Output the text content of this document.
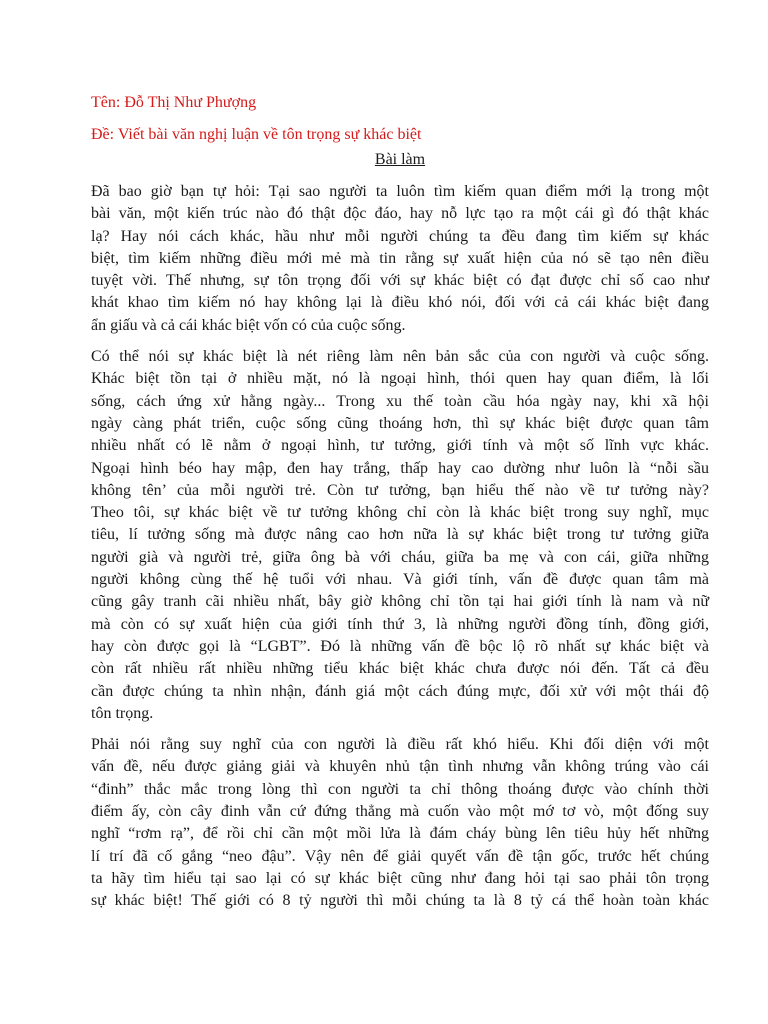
Tên: Đỗ Thị Như Phượng

Đề: Viết bài văn nghị luận về tôn trọng sự khác biệt

Bài làm

Đã bao giờ bạn tự hỏi: Tại sao người ta luôn tìm kiếm quan điểm mới lạ trong một
bài văn, một kiến trúc nào đó thật độc đáo, hay nỗ lực tạo ra một cái gì đó thật khác
lạ? Hay nói cách khác, hầu như mỗi người chúng ta đều đang tìm kiếm sự khác
biệt, tìm kiếm những điều mới mẻ mà tin rằng sự xuất hiện của nó sẽ tạo nên điều
tuyệt vời. Thế nhưng, sự tôn trọng đối với sự khác biệt có đạt được chỉ số cao như
khát khao tìm kiếm nó hay không lại là điều khó nói, đối với cả cái khác biệt đang
ẩn giấu và cả cái khác biệt vốn có của cuộc sống.
Có thể nói sự khác biệt là nét riêng làm nên bản sắc của con người và cuộc sống.
Khác biệt tồn tại ở nhiều mặt, nó là ngoại hình, thói quen hay quan điểm, là lối
sống, cách ứng xử hằng ngày... Trong xu thế toàn cầu hóa ngày nay, khi xã hội
ngày càng phát triển, cuộc sống cũng thoáng hơn, thì sự khác biệt được quan tâm
nhiều nhất có lẽ nằm ở ngoại hình, tư tưởng, giới tính và một số lĩnh vực khác.
Ngoại hình béo hay mập, đen hay trắng, thấp hay cao dường như luôn là “nỗi sầu
không tên’ của mỗi người trẻ. Còn tư tưởng, bạn hiểu thế nào về tư tưởng này?
Theo tôi, sự khác biệt về tư tưởng không chỉ còn là khác biệt trong suy nghĩ, mục
tiêu, lí tưởng sống mà được nâng cao hơn nữa là sự khác biệt trong tư tưởng giữa
người già và người trẻ, giữa ông bà với cháu, giữa ba mẹ và con cái, giữa những
người không cùng thế hệ tuổi với nhau. Và giới tính, vấn đề được quan tâm mà
cũng gây tranh cãi nhiều nhất, bây giờ không chỉ tồn tại hai giới tính là nam và nữ
mà còn có sự xuất hiện của giới tính thứ 3, là những người đồng tính, đồng giới,
hay còn được gọi là “LGBT”. Đó là những vấn đề bộc lộ rõ nhất sự khác biệt và
còn rất nhiều rất nhiều những tiểu khác biệt khác chưa được nói đến. Tất cả đều
cần được chúng ta nhìn nhận, đánh giá một cách đúng mực, đối xử với một thái độ
tôn trọng.
Phải nói rằng suy nghĩ của con người là điều rất khó hiểu. Khi đối diện với một
vấn đề, nếu được giảng giải và khuyên nhủ tận tình nhưng vẫn không trúng vào cái
“đinh” thắc mắc trong lòng thì con người ta chỉ thông thoáng được vào chính thời
điểm ấy, còn cây đinh vẫn cứ đứng thẳng mà cuốn vào một mớ tơ vò, một đống suy
nghĩ “rơm rạ”, để rồi chỉ cần một mồi lửa là đám cháy bùng lên tiêu hủy hết những
lí trí đã cố gắng “neo đậu”. Vậy nên để giải quyết vấn đề tận gốc, trước hết chúng
ta hãy tìm hiểu tại sao lại có sự khác biệt cũng như đang hỏi tại sao phải tôn trọng
sự khác biệt! Thế giới có 8 tỷ người thì mỗi chúng ta là 8 tỷ cá thể hoàn toàn khác
